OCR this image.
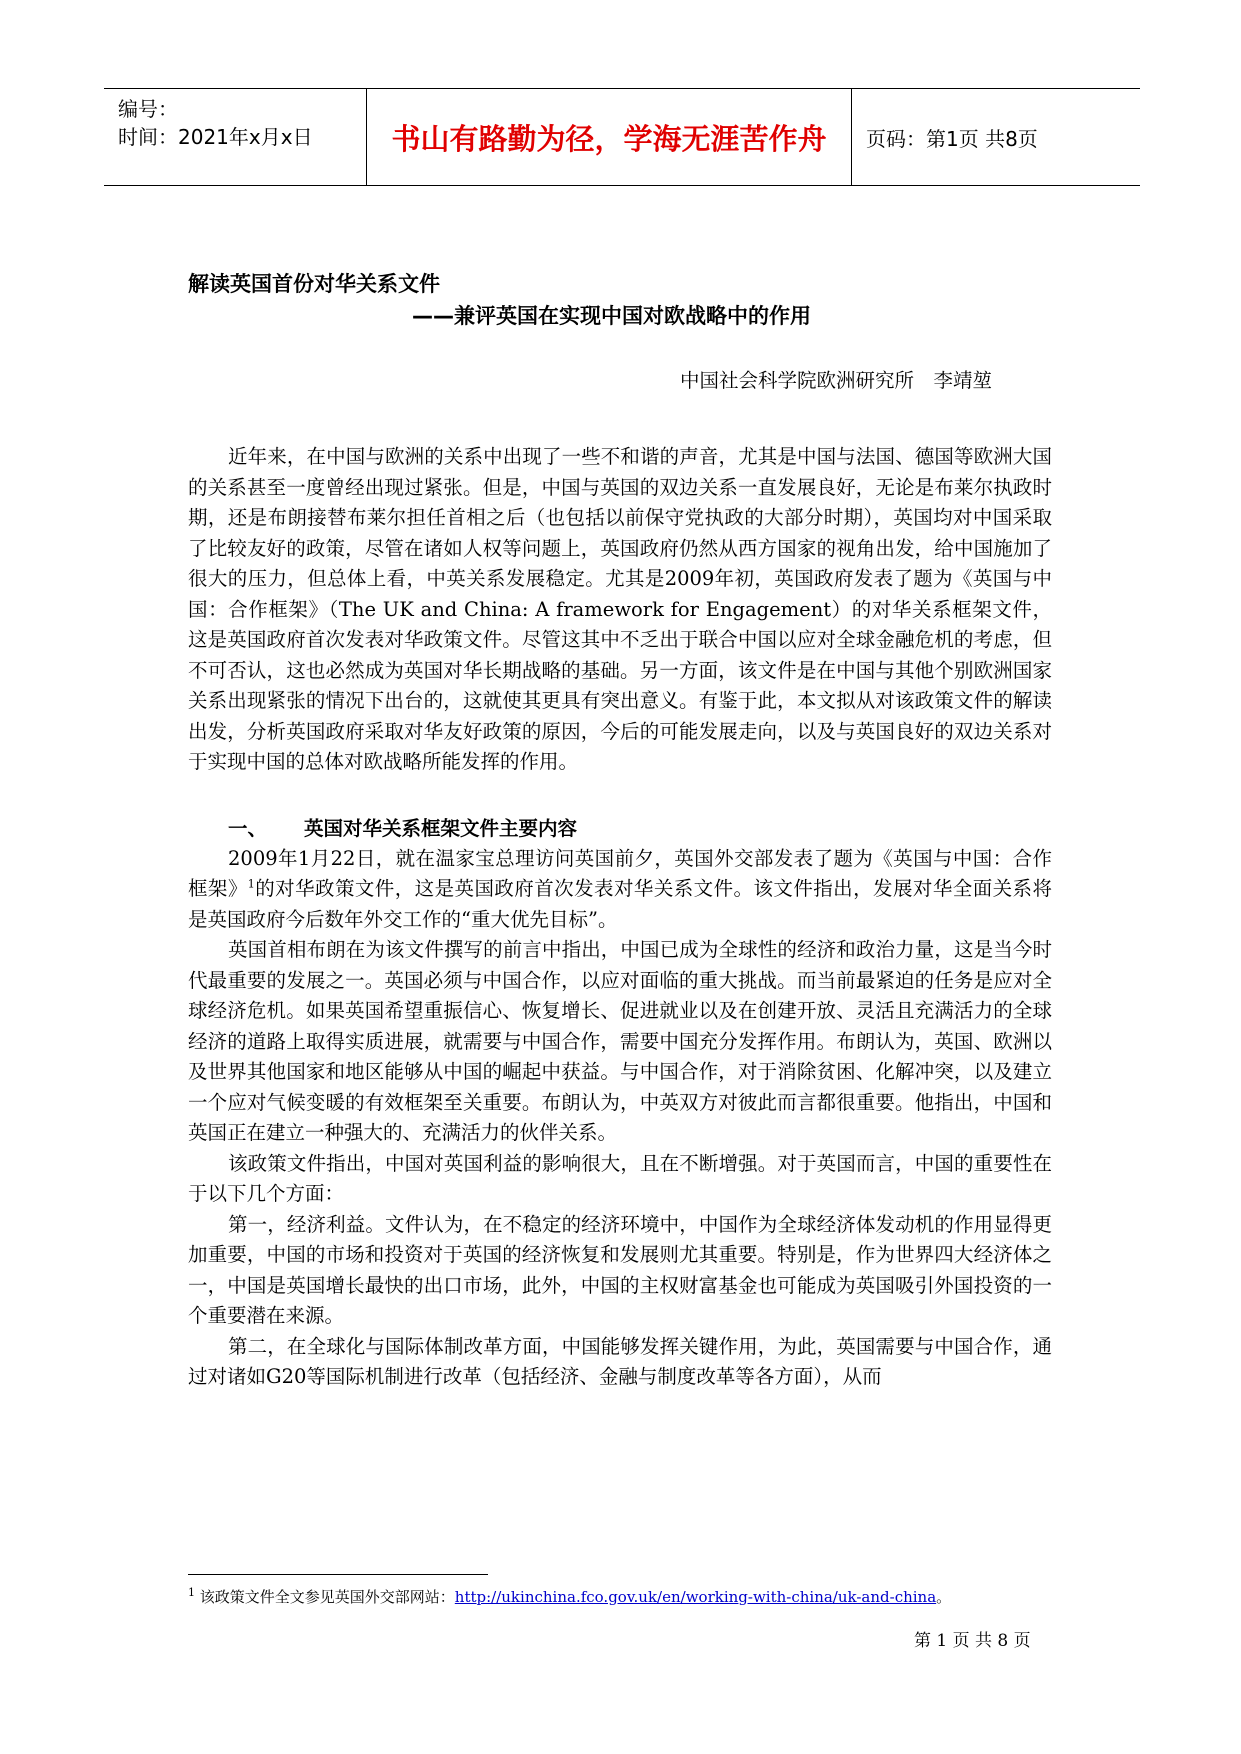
编号：
时间：2021年x月x日	书山有路勤为径，学海无涯苦作舟	页码：第1页 共8页
解读英国首份对华关系文件
——兼评英国在实现中国对欧战略中的作用
中国社会科学院欧洲研究所　李靖堃

近年来，在中国与欧洲的关系中出现了一些不和谐的声音，尤其是中国与法国、德国等欧洲大国的关系甚至一度曾经出现过紧张。但是，中国与英国的双边关系一直发展良好，无论是布莱尔执政时期，还是布朗接替布莱尔担任首相之后（也包括以前保守党执政的大部分时期），英国均对中国采取了比较友好的政策，尽管在诸如人权等问题上，英国政府仍然从西方国家的视角出发，给中国施加了很大的压力，但总体上看，中英关系发展稳定。尤其是2009年初，英国政府发表了题为《英国与中国：合作框架》（The UK and China: A framework for Engagement）的对华关系框架文件，这是英国政府首次发表对华政策文件。尽管这其中不乏出于联合中国以应对全球金融危机的考虑，但不可否认，这也必然成为英国对华长期战略的基础。另一方面，该文件是在中国与其他个别欧洲国家关系出现紧张的情况下出台的，这就使其更具有突出意义。有鉴于此，本文拟从对该政策文件的解读出发，分析英国政府采取对华友好政策的原因，今后的可能发展走向，以及与英国良好的双边关系对于实现中国的总体对欧战略所能发挥的作用。

一、 英国对华关系框架文件主要内容

2009年1月22日，就在温家宝总理访问英国前夕，英国外交部发表了题为《英国与中国：合作框架》$^1$的对华政策文件，这是英国政府首次发表对华关系文件。该文件指出，发展对华全面关系将是英国政府今后数年外交工作的“重大优先目标”。

英国首相布朗在为该文件撰写的前言中指出，中国已成为全球性的经济和政治力量，这是当今时代最重要的发展之一。英国必须与中国合作，以应对面临的重大挑战。而当前最紧迫的任务是应对全球经济危机。如果英国希望重振信心、恢复增长、促进就业以及在创建开放、灵活且充满活力的全球经济的道路上取得实质进展，就需要与中国合作，需要中国充分发挥作用。布朗认为，英国、欧洲以及世界其他国家和地区能够从中国的崛起中获益。与中国合作，对于消除贫困、化解冲突，以及建立一个应对气候变暖的有效框架至关重要。布朗认为，中英双方对彼此而言都很重要。他指出，中国和英国正在建立一种强大的、充满活力的伙伴关系。

该政策文件指出，中国对英国利益的影响很大，且在不断增强。对于英国而言，中国的重要性在于以下几个方面：

第一，经济利益。文件认为，在不稳定的经济环境中，中国作为全球经济体发动机的作用显得更加重要，中国的市场和投资对于英国的经济恢复和发展则尤其重要。特别是，作为世界四大经济体之一，中国是英国增长最快的出口市场，此外，中国的主权财富基金也可能成为英国吸引外国投资的一个重要潜在来源。

第二，在全球化与国际体制改革方面，中国能够发挥关键作用，为此，英国需要与中国合作，通过对诸如G20等国际机制进行改革（包括经济、金融与制度改革等各方面），从而

$^1$ 该政策文件全文参见英国外交部网站：http://ukinchina.fco.gov.uk/en/working-with-china/uk-and-china。
第 1 页 共 8 页
